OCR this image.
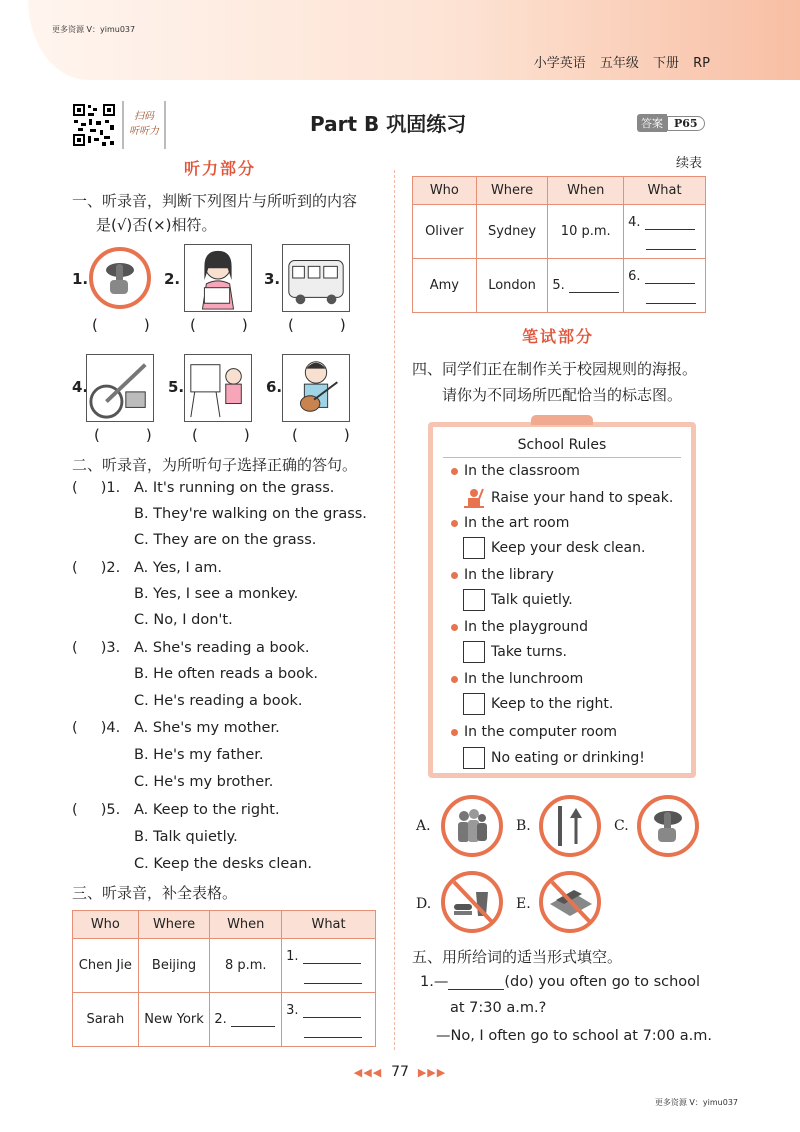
更多资源 V：yimu037
小学英语 五年级 下册 RP
扫码
听听力	Part B 巩固练习	答案	P65
听力部分
一、听录音，判断下列图片与所听到的内容
是(√)否(×)相符。
1.	2.	3.
(	)	(	)	(	)
4.	5.	6.
(	)	(	)	(	)
二、听录音，为所听句子选择正确的答句。
(     )1. A. It's running on the grass.
B. They're walking on the grass.
C. They are on the grass.
(     )2. A. Yes, I am.
B. Yes, I see a monkey.
C. No, I don't.
(     )3. A. She's reading a book.
B. He often reads a book.
C. He's reading a book.
(     )4. A. She's my mother.
B. He's my father.
C. He's my brother.
(     )5. A. Keep to the right.
B. Talk quietly.
C. Keep the desks clean.
三、听录音，补全表格。
Who	Where	When	What
Chen Jie	Beijing	8 p.m.	1.

Sarah	New York	2.	3.
续表
Who	Where	When	What
Oliver	Sydney	10 p.m.	4.

Amy	London	5.	6.
笔试部分
四、同学们正在制作关于校园规则的海报。
请你为不同场所匹配恰当的标志图。
School Rules
In the classroom
Raise your hand to speak.
In the art room
Keep your desk clean.
In the library
Talk quietly.
In the playground
Take turns.
In the lunchroom
Keep to the right.
In the computer room
No eating or drinking!
A.	B.	C.
D.	E.
五、用所给词的适当形式填空。
1.—	(do) you often go to school
at 7:30 a.m.?
—No, I often go to school at 7:00 a.m.
◀◀◀ 77 ▶▶▶
更多资源 V：yimu037
